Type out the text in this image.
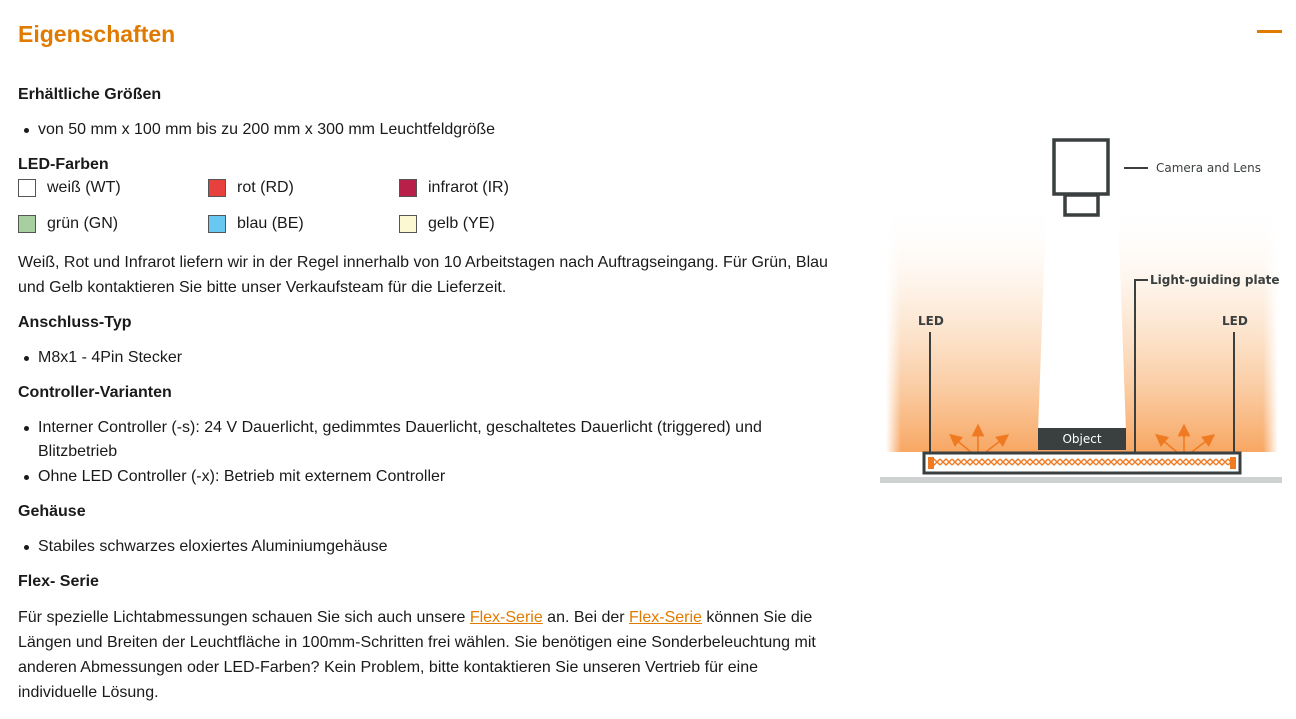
Eigenschaften
Erhältliche Größen
von 50 mm x 100 mm bis zu 200 mm x 300 mm Leuchtfeldgröße
LED-Farben
weiß (WT)	rot (RD)	infrarot (IR)
grün (GN)	blau (BE)	gelb (YE)
Weiß, Rot und Infrarot liefern wir in der Regel innerhalb von 10 Arbeitstagen nach Auftragseingang. Für Grün, Blau und Gelb kontaktieren Sie bitte unser Verkaufsteam für die Lieferzeit.
Anschluss-Typ
M8x1 - 4Pin Stecker
Controller-Varianten
Interner Controller (-s): 24 V Dauerlicht, gedimmtes Dauerlicht, geschaltetes Dauerlicht (triggered) und Blitzbetrieb
Ohne LED Controller (-x): Betrieb mit externem Controller
Gehäuse
Stabiles schwarzes eloxiertes Aluminiumgehäuse
Flex- Serie
Für spezielle Lichtabmessungen schauen Sie sich auch unsere Flex-Serie an. Bei der Flex-Serie können Sie die Längen und Breiten der Leuchtfläche in 100mm-Schritten frei wählen. Sie benötigen eine Sonderbeleuchtung mit anderen Abmessungen oder LED-Farben? Kein Problem, bitte kontaktieren Sie unseren Vertrieb für eine individuelle Lösung.
Camera and Lens
Light-guiding plate
LED	LED
Object
